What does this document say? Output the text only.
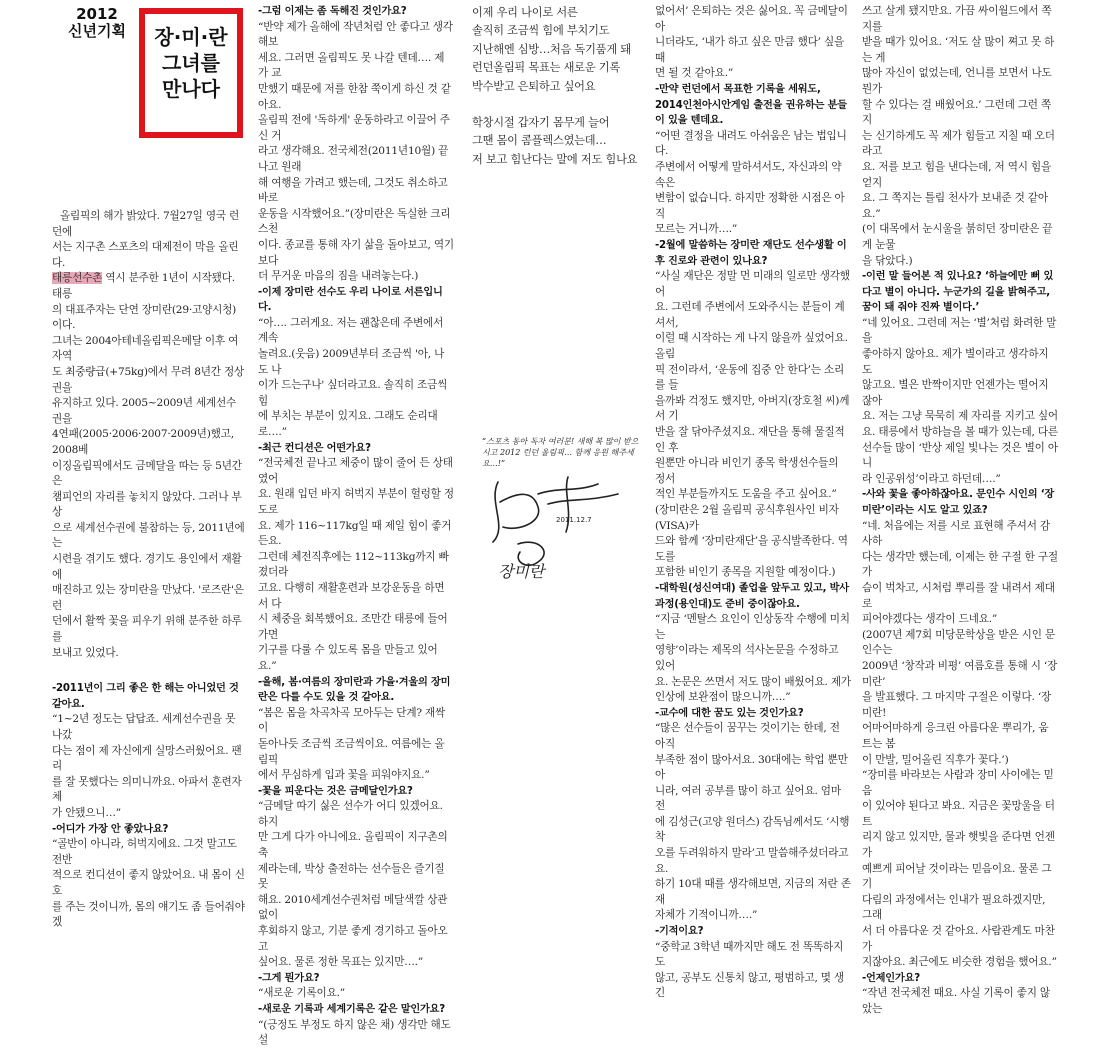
2012
신년기획	장·미·란
그녀를
만나다

올림픽의 해가 밝았다. 7월27일 영국 런던에

서는 지구촌 스포츠의 대제전이 막을 올린다.

태릉선수촌 역시 분주한 1년이 시작됐다. 태릉

의 대표주자는 단연 장미란(29·고양시청)이다.

그녀는 2004아테네올림픽은메달 이후 여자역

도 최중량급(+75kg)에서 무려 8년간 정상권을

유지하고 있다. 2005~2009년 세계선수권을

4연패(2005·2006·2007·2009년)했고, 2008베

이징올림픽에서도 금메달을 따는 등 5년간은

챔피언의 자리를 놓치지 않았다. 그러나 부상

으로 세계선수권에 불참하는 등, 2011년에는

시련을 겪기도 했다. 경기도 용인에서 재활에

매진하고 있는 장미란을 만났다. '로즈란'은 런

던에서 활짝 꽃을 피우기 위해 분주한 하루를

보내고 있었다.

-2011년이 그리 좋은 한 해는 아니었던 것 같아요.

“1~2년 정도는 답답죠. 세계선수권을 못 나갔

다는 점이 제 자신에게 실망스러웠어요. 팬리

를 잘 못했다는 의미니까요. 아파서 훈련자체

가 안됐으니…”

-어디가 가장 안 좋았나요?

“골반이 아니라, 허벅지에요. 그것 말고도 전반

적으로 컨디션이 좋지 않았어요. 내 몸이 신호

를 주는 것이니까, 몸의 얘기도 좀 들어줘야겠

-그럼 이제는 좀 독해진 것인가요?

“반약 제가 올해에 작년처럼 안 좋다고 생각해보

세요. 그러면 올림픽도 못 나갈 텐데…. 제가 교

만했기 때문에 저를 한참 쭉이게 하신 것 같아요.

올림픽 전에 '독하게' 운동하라고 이끌어 주신 거

라고 생각해요. 전국체전(2011년10월) 끝나고 원래

해 여행을 가려고 했는데, 그것도 취소하고 바로

운동을 시작했어요.”(장미란은 독실한 크리스천

이다. 종교를 통해 자기 삶을 돌아보고, 역기보다

더 무거운 마음의 짐을 내려놓는다.)

-이제 장미란 선수도 우리 나이로 서른입니다.

“아…. 그러게요. 저는 괜찮은데 주변에서 계속

놀려요.(웃음) 2009년부터 조금씩 '아, 나도 나

이가 드는구나' 싶더라고요. 솔직히 조금씩 힘

에 부치는 부분이 있지요. 그래도 순리대로….”

-최근 컨디션은 어떤가요?

“전국체전 끝나고 체중이 많이 줄어 든 상태였어

요. 원래 입던 바지 허벅지 부분이 헐렁할 정도로

요. 제가 116~117kg일 때 제일 힘이 좋거든요.

그런데 체전직후에는 112~113kg까지 빠졌더라

고요. 다행히 재활훈련과 보강운동을 하면서 다

시 체중을 회복했어요. 조만간 태릉에 들어가면

기구를 다룰 수 있도록 몸을 만들고 있어요.”

-올해, 봄·여름의 장미란과 가을·겨울의 장미란은 다를 수도 있을 것 같아요.

“봄은 몸을 차곡차곡 모아두는 단계? 재싹이

돋아나듯 조금씩 조금씩이요. 여름에는 올림픽

에서 무심하게 입과 꽃을 피워야지요.”

-꽃을 피운다는 것은 금메달인가요?

“금메달 따기 싫은 선수가 어디 있겠어요. 하지

만 그게 다가 아니에요. 올림픽이 지구촌의 축

제라는데, 박상 출전하는 선수들은 즐기질 못

해요. 2010세계선수권처럼 메달색깔 상관없이

후회하지 않고, 기분 좋게 경기하고 돌아오고

싶어요. 물론 정한 목표는 있지만….”

-그게 뭔가요?

“새로운 기록이요.”

-새로운 기록과 세계기록은 같은 말인가요?

“(긍정도 부정도 하지 않은 채) 생각만 해도 설

이제 우리 나이로 서른

솔직히 조금씩 힘에 부치기도

지난해엔 심방…처음 독기품게 돼

런던올림픽 목표는 새로운 기록

박수받고 은퇴하고 싶어요

학창시절 갑자기 몸무게 늘어

그땐 몸이 콤플렉스였는데…

저 보고 힘난다는 말에 저도 힘나요

“스포츠 동아 독자 여러분! 새해 복 많이 받으시고 2012 런던 올림픽… 함께 응원 해주세요…!”
장미란
2011.12.7

없어서’ 은퇴하는 것은 싫어요. 꼭 금메달이 아

니더라도, ‘내가 하고 싶은 만큼 했다’ 싶을 때

면 될 것 같아요.”

-만약 런던에서 목표한 기록을 세워도, 2014인천아시안게임 출전을 권유하는 분들이 있을 텐데요.

“어떤 결정을 내려도 아쉬움은 남는 법입니다.

주변에서 어떻게 말하셔서도, 자신과의 약속은

변함이 없습니다. 하지만 정확한 시점은 아직

모르는 거니까….”

-2월에 말씀하는 장미란 재단도 선수생활 이후 진로와 관련이 있나요?

“사실 재단은 정말 먼 미래의 일로만 생각했어

요. 그런데 주변에서 도와주시는 분들이 계셔서,

이럴 때 시작하는 게 나지 않을까 싶었어요. 올림

픽 전이라서, ‘운동에 집중 안 한다’는 소리를 들

을까봐 걱정도 했지만, 아버지(장호철 씨)께서 기

반을 잘 닦아주셨지요. 재단을 통해 물질적인 후

원뿐만 아니라 비인기 종목 학생선수들의 정서

적인 부분들까지도 도움을 주고 싶어요.”

(장미란은 2월 올림픽 공식후원사인 비자(VISA)카

드와 함께 ‘장미란재단’을 공식발족한다. 역도를

포함한 비인기 종목을 지원할 예정이다.)

-대학원(성신여대) 졸업을 앞두고 있고, 박사과정(용인대)도 준비 중이잖아요.

“지금 ‘멘탈스 요인이 인상동작 수행에 미치는

영향’이라는 제목의 석사논문을 수정하고 있어

요. 논문은 쓰면서 저도 많이 배웠어요. 제가

인상에 보완점이 많으니까….”

-교수에 대한 꿈도 있는 것인가요?

“많은 선수들이 꿈꾸는 것이기는 한데, 전 아직

부족한 점이 많아서요. 30대에는 학업 뿐만 아

니라, 여러 공부를 많이 하고 싶어요. 엄마 전

에 김성근(고양 원더스) 감독님께서도 ‘시행착

오를 두려워하지 말라’고 말씀해주셨더라고요.

하기 10대 때를 생각해보면, 지금의 저란 존재

자체가 기적이니까….”

-기적이요?

“중학교 3학년 때까지만 해도 전 똑똑하지도

않고, 공부도 신통치 않고, 평범하고, 몇 생긴

쓰고 살게 됐지만요. 가끔 싸이월드에서 쪽지를

받을 때가 있어요. ‘저도 살 많이 쪄고 못 하는 게

많아 자신이 없었는데, 언니를 보면서 나도 뭔가

할 수 있다는 걸 배웠어요.’ 그런데 그런 쪽지

는 신기하게도 꼭 제가 힘들고 지칠 때 오더라고

요. 저를 보고 힘을 낸다는데, 저 역시 힘을 얻지

요. 그 쪽지는 틀림 천사가 보내준 것 같아요.”

(이 대목에서 눈시울을 붉히던 장미란은 끝게 눈물

을 닦았다.)

-이런 말 들어본 적 있나요? ‘하늘에만 뻐 있다고 별이 아니다. 누군가의 길을 밝혀주고, 꿈이 돼 줘야 진짜 별이다.’

“네 있어요. 그런데 저는 ‘별’처럼 화려한 말을

좋아하지 않아요. 제가 별이라고 생각하지도

않고요. 별은 반짝이지만 언젠가는 떨어지잖아

요. 저는 그냥 묵묵히 제 자리를 지키고 싶어

요. 태릉에서 방하늘을 볼 때가 있는데, 다른

선수들 많이 ‘반상 제일 빛나는 것은 별이 아니

라 인공위성’이라고 하던데….”

-사와 꽃을 좋아하잖아요. 문인수 시인의 ‘장미란’이라는 시도 알고 있죠?

“네. 처음에는 저를 시로 표현해 주셔서 감사하

다는 생각만 했는데, 이제는 한 구절 한 구절 가

슴이 벅차고, 시처럼 뿌리를 잘 내려서 제대로

피어야겠다는 생각이 드네요.”

(2007년 제7회 미당문학상을 받은 시인 문인수는

2009년 ‘창작과 비평’ 여름호를 통해 시 ‘장미란’

을 발표했다. 그 마지막 구절은 이렇다. ‘장미란!

어마어마하게 응크린 아름다운 뿌리가, 움트는 봄

이 만발, 밀어올린 직후가 꽃다.’)

“장미를 바라보는 사람과 장미 사이에는 믿음

이 있어야 된다고 봐요. 지금은 꽃망울을 터트

리지 않고 있지만, 물과 햇빛을 준다면 언젠가

예쁘게 피어날 것이라는 믿음이요. 물론 그 기

다림의 과정에서는 인내가 필요하겠지만, 그래

서 더 아름다운 것 같아요. 사람관계도 마찬가

지잖아요. 최근에도 비슷한 경험을 했어요.”

-언제인가요?

“작년 전국체전 때요. 사실 기록이 좋지 않았는
